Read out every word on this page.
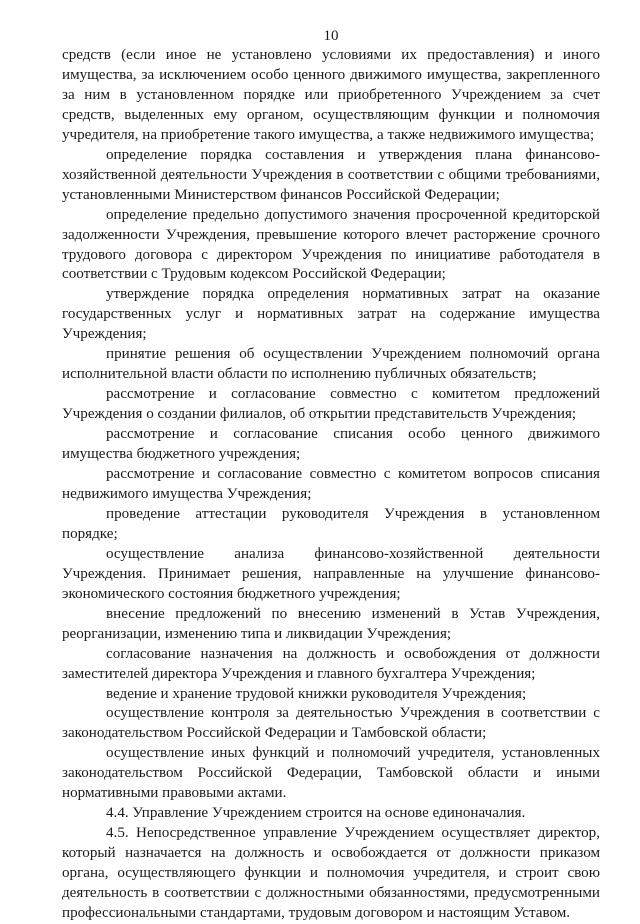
10

средств (если иное не установлено условиями их предоставления) и иного имущества, за исключением особо ценного движимого имущества, закрепленного за ним в установленном порядке или приобретенного Учреждением за счет средств, выделенных ему органом, осуществляющим функции и полномочия учредителя, на приобретение такого имущества, а также недвижимого имущества;

определение порядка составления и утверждения плана финансово-хозяйственной деятельности Учреждения в соответствии с общими требованиями, установленными Министерством финансов Российской Федерации;

определение предельно допустимого значения просроченной кредиторской задолженности Учреждения, превышение которого влечет расторжение срочного трудового договора с директором Учреждения по инициативе работодателя в соответствии с Трудовым кодексом Российской Федерации;

утверждение порядка определения нормативных затрат на оказание государственных услуг и нормативных затрат на содержание имущества Учреждения;

принятие решения об осуществлении Учреждением полномочий органа исполнительной власти области по исполнению публичных обязательств;

рассмотрение и согласование совместно с комитетом предложений Учреждения о создании филиалов, об открытии представительств Учреждения;

рассмотрение и согласование списания особо ценного движимого имущества бюджетного учреждения;

рассмотрение и согласование совместно с комитетом вопросов списания недвижимого имущества Учреждения;

проведение аттестации руководителя Учреждения в установленном порядке;

осуществление анализа финансово-хозяйственной деятельности Учреждения. Принимает решения, направленные на улучшение финансово-экономического состояния бюджетного учреждения;

внесение предложений по внесению изменений в Устав Учреждения, реорганизации, изменению типа и ликвидации Учреждения;

согласование назначения на должность и освобождения от должности заместителей директора Учреждения и главного бухгалтера Учреждения;

ведение и хранение трудовой книжки руководителя Учреждения;

осуществление контроля за деятельностью Учреждения в соответствии с законодательством Российской Федерации и Тамбовской области;

осуществление иных функций и полномочий учредителя, установленных законодательством Российской Федерации, Тамбовской области и иными нормативными правовыми актами.

4.4. Управление Учреждением строится на основе единоначалия.

4.5. Непосредственное управление Учреждением осуществляет директор, который назначается на должность и освобождается от должности приказом органа, осуществляющего функции и полномочия учредителя, и строит свою деятельность в соответствии с должностными обязанностями, предусмотренными профессиональными стандартами, трудовым договором и настоящим Уставом.
